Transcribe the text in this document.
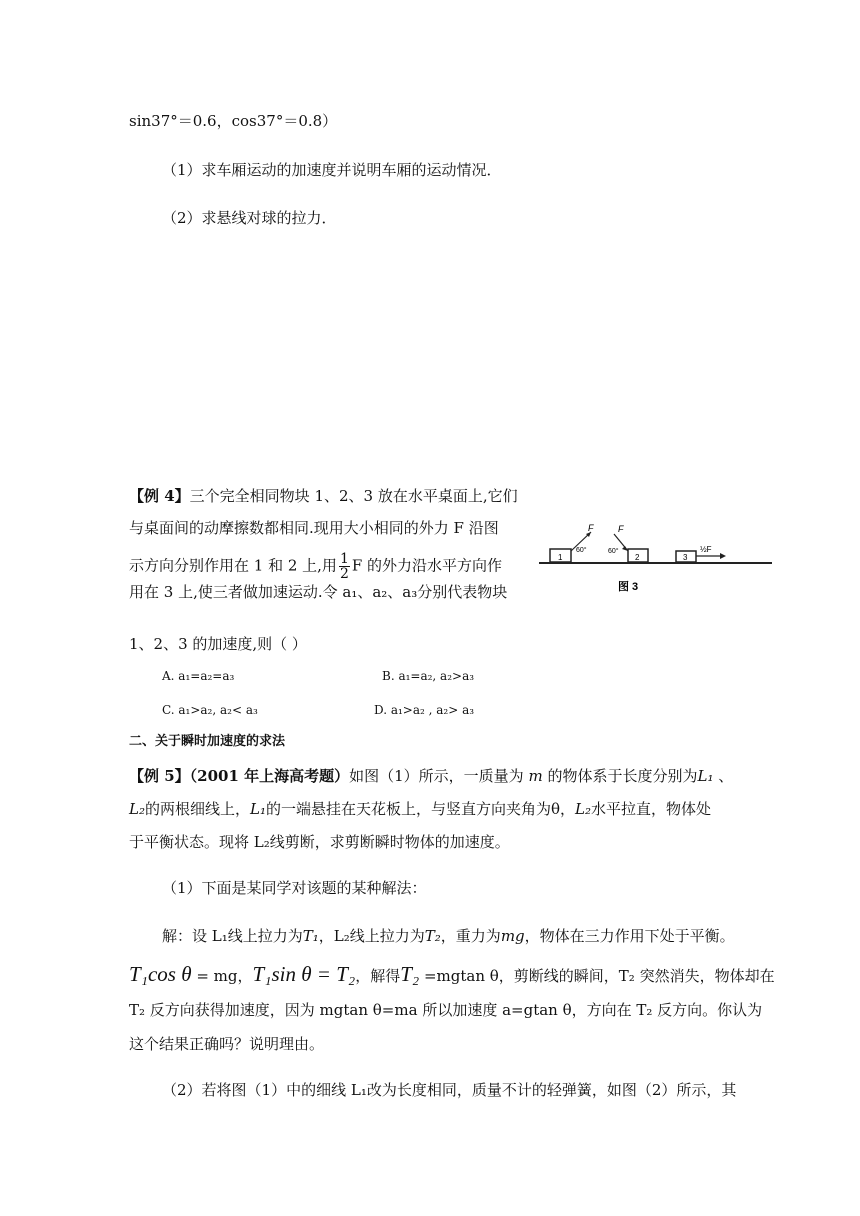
sin37°＝0.6，cos37°＝0.8）
（1）求车厢运动的加速度并说明车厢的运动情况．
（2）求悬线对球的拉力．
【例 4】三个完全相同物块 1、2、3 放在水平桌面上,它们
与桌面间的动摩擦数都相同.现用大小相同的外力 F 沿图
示方向分别作用在 1 和 2 上,用 $\frac{1}{2}$ F 的外力沿水平方向作
用在 3 上,使三者做加速运动.令 a₁、a₂、a₃分别代表物块
1、2、3 的加速度,则（ ）
1
F
60°
2
F
60°
3
½F
图 3
A. a₁=a₂=a₃	B. a₁=a₂, a₂>a₃
C. a₁>a₂, a₂< a₃	D. a₁>a₂ , a₂> a₃
二、关于瞬时加速度的求法
【例 5】（2001 年上海高考题）如图（1）所示，一质量为 m 的物体系于长度分别为L₁ 、
L₂的两根细线上，L₁的一端悬挂在天花板上，与竖直方向夹角为θ，L₂水平拉直，物体处
于平衡状态。现将 L₂线剪断，求剪断瞬时物体的加速度。
（1）下面是某同学对该题的某种解法：
解：设 L₁线上拉力为T₁，L₂线上拉力为T₂，重力为mg，物体在三力作用下处于平衡。
T₁cos θ = mg，T₁sin θ = T₂，解得T₂ =mgtan θ，剪断线的瞬间，T₂ 突然消失，物体却在
T₂ 反方向获得加速度，因为 mgtan θ=ma 所以加速度 a=gtan θ，方向在 T₂ 反方向。你认为
这个结果正确吗？说明理由。
（2）若将图（1）中的细线 L₁改为长度相同，质量不计的轻弹簧，如图（2）所示，其
